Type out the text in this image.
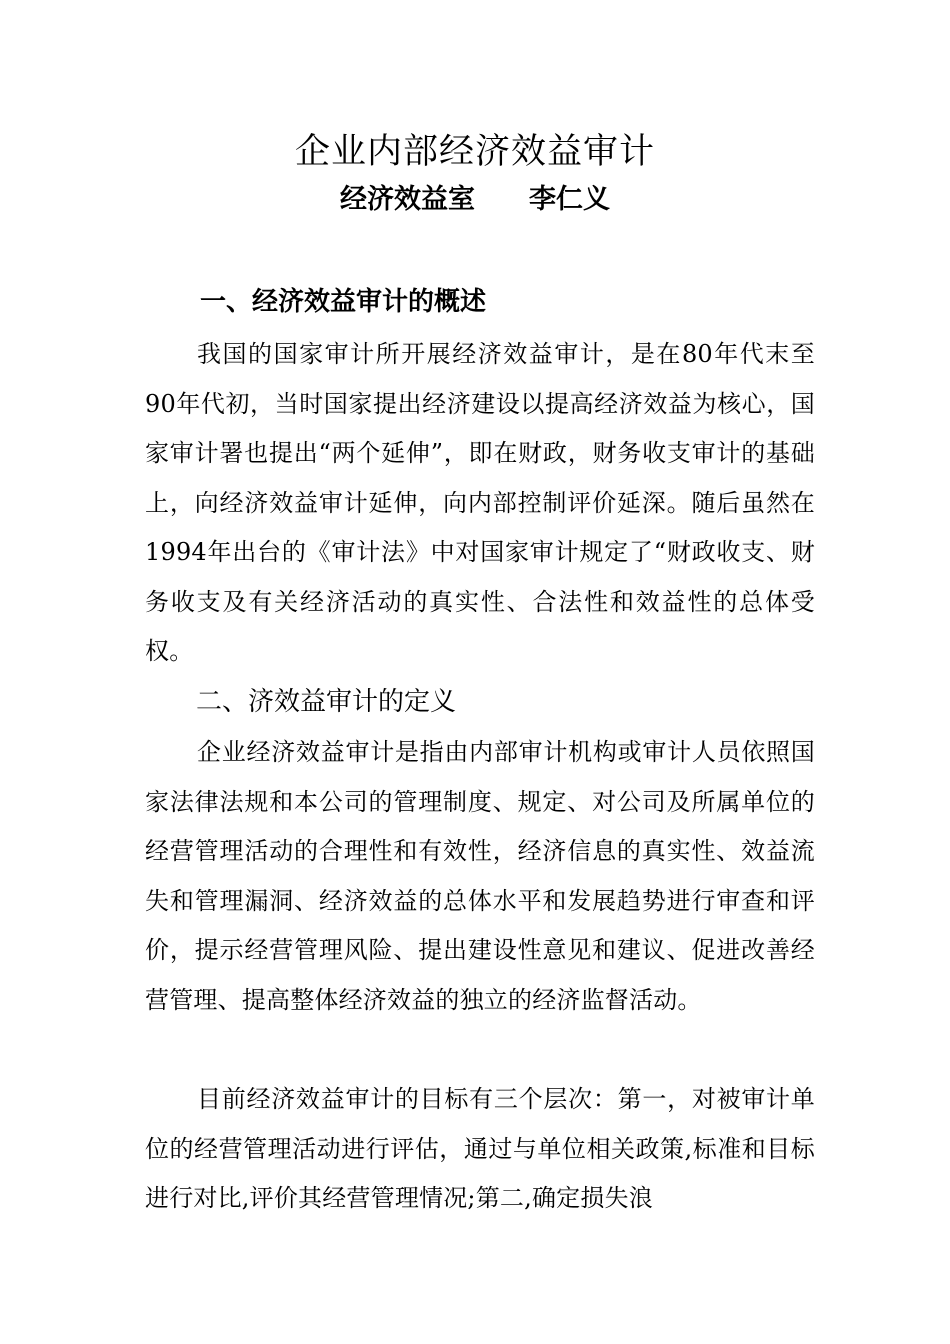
企业内部经济效益审计
经济效益室 李仁义
一、经济效益审计的概述

我国的国家审计所开展经济效益审计，是在80年代末至90年代初，当时国家提出经济建设以提高经济效益为核心，国家审计署也提出“两个延伸”，即在财政，财务收支审计的基础上，向经济效益审计延伸，向内部控制评价延深。随后虽然在1994年出台的《审计法》中对国家审计规定了“财政收支、财务收支及有关经济活动的真实性、合法性和效益性的总体受权。

二、济效益审计的定义

企业经济效益审计是指由内部审计机构或审计人员依照国家法律法规和本公司的管理制度、规定、对公司及所属单位的经营管理活动的合理性和有效性，经济信息的真实性、效益流失和管理漏洞、经济效益的总体水平和发展趋势进行审查和评价，提示经营管理风险、提出建设性意见和建议、促进改善经营管理、提高整体经济效益的独立的经济监督活动。

目前经济效益审计的目标有三个层次：第一，对被审计单位的经营管理活动进行评估，通过与单位相关政策,标准和目标进行对比,评价其经营管理情况;第二,确定损失浪
